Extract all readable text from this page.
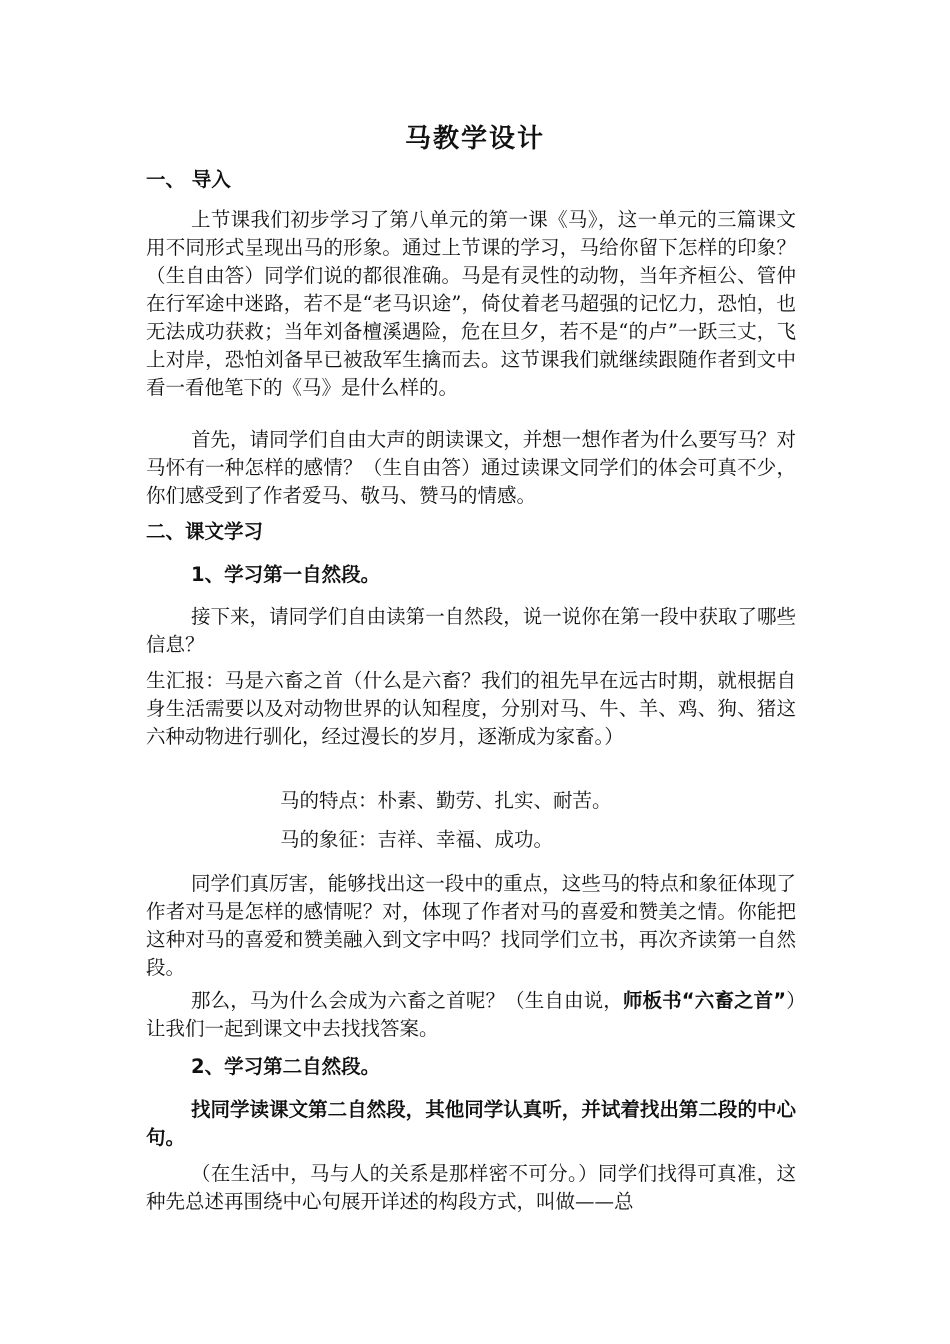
马教学设计

一、 导入

上节课我们初步学习了第八单元的第一课《马》，这一单元的三篇课文用不同形式呈现出马的形象。通过上节课的学习，马给你留下怎样的印象？（生自由答）同学们说的都很准确。马是有灵性的动物，当年齐桓公、管仲在行军途中迷路，若不是“老马识途”，倚仗着老马超强的记忆力，恐怕，也无法成功获救；当年刘备檀溪遇险，危在旦夕，若不是“的卢”一跃三丈，飞上对岸，恐怕刘备早已被敌军生擒而去。这节课我们就继续跟随作者到文中看一看他笔下的《马》是什么样的。

首先，请同学们自由大声的朗读课文，并想一想作者为什么要写马？对马怀有一种怎样的感情？（生自由答）通过读课文同学们的体会可真不少，你们感受到了作者爱马、敬马、赞马的情感。

二、课文学习

1、学习第一自然段。

接下来，请同学们自由读第一自然段，说一说你在第一段中获取了哪些信息？

生汇报：马是六畜之首（什么是六畜？我们的祖先早在远古时期，就根据自身生活需要以及对动物世界的认知程度，分别对马、牛、羊、鸡、狗、猪这六种动物进行驯化，经过漫长的岁月，逐渐成为家畜。）

马的特点：朴素、勤劳、扎实、耐苦。
马的象征：吉祥、幸福、成功。

同学们真厉害，能够找出这一段中的重点，这些马的特点和象征体现了作者对马是怎样的感情呢？对，体现了作者对马的喜爱和赞美之情。你能把这种对马的喜爱和赞美融入到文字中吗？找同学们立书，再次齐读第一自然段。

那么，马为什么会成为六畜之首呢？（生自由说，师板书“六畜之首”）让我们一起到课文中去找找答案。

2、学习第二自然段。

找同学读课文第二自然段，其他同学认真听，并试着找出第二段的中心句。

（在生活中，马与人的关系是那样密不可分。）同学们找得可真准，这种先总述再围绕中心句展开详述的构段方式，叫做——总
